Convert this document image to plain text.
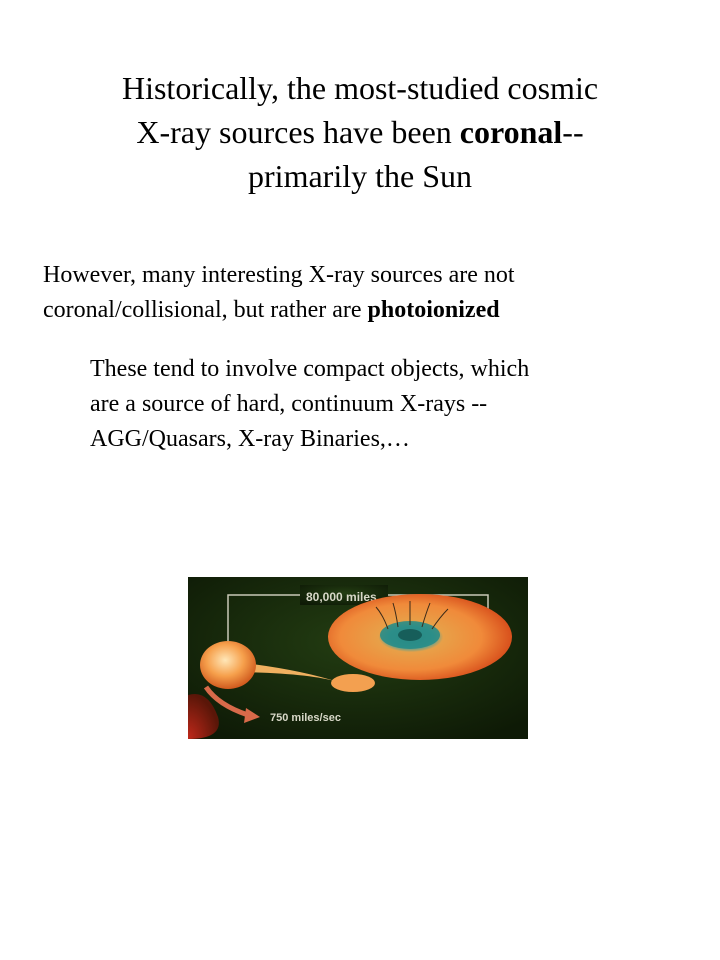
Historically, the most-studied cosmic
X-ray sources have been coronal--
primarily the Sun
However, many interesting X-ray sources are not
coronal/collisional, but rather are photoionized
These tend to involve compact objects, which
are a source of hard, continuum X-rays --
AGG/Quasars, X-ray Binaries,…
80,000 miles
750 miles/sec
